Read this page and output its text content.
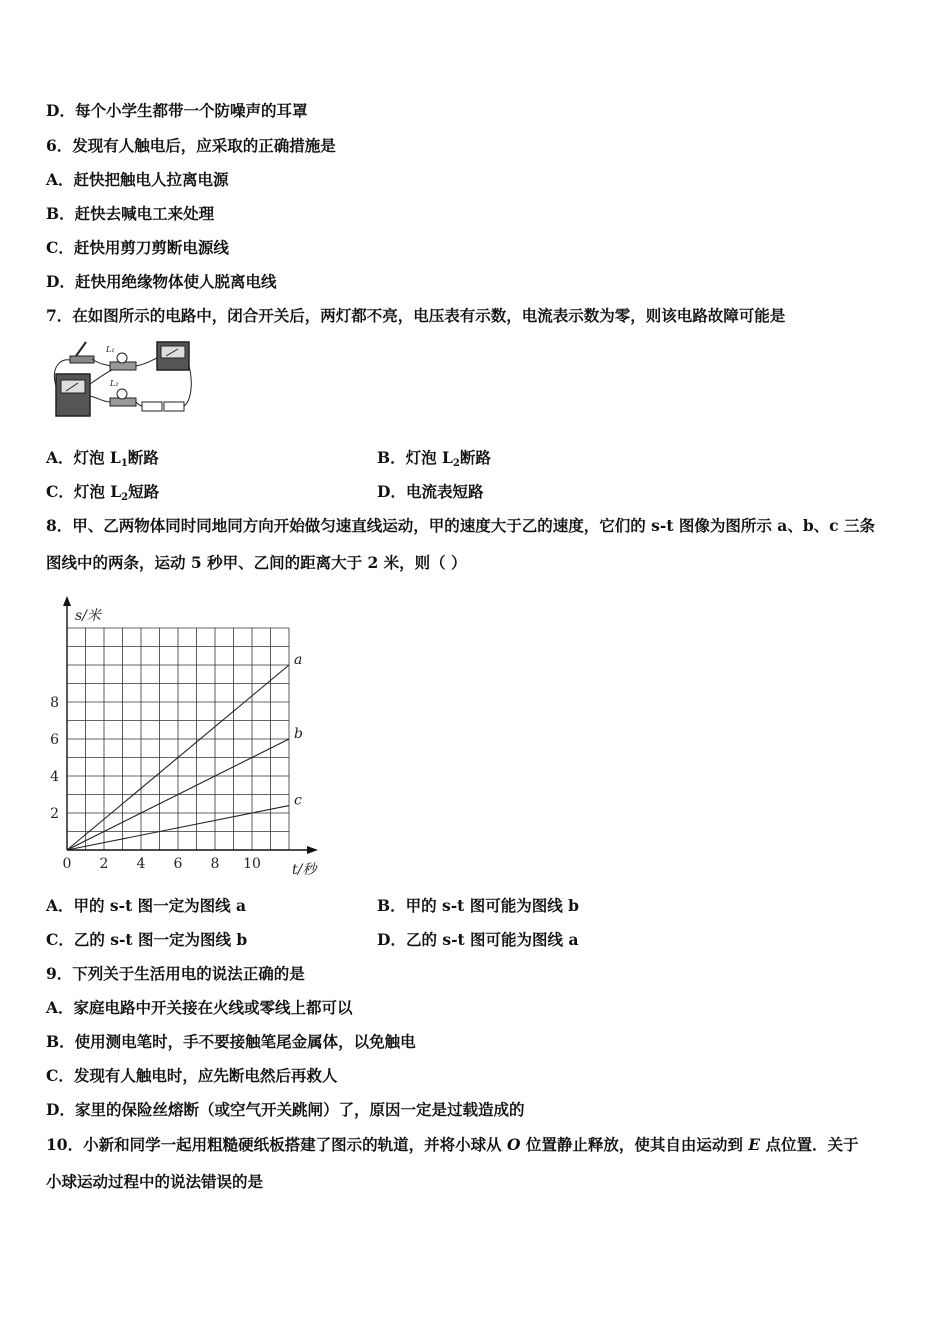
D．每个小学生都带一个防噪声的耳罩
6．发现有人触电后，应采取的正确措施是
A．赶快把触电人拉离电源
B．赶快去喊电工来处理
C．赶快用剪刀剪断电源线
D．赶快用绝缘物体使人脱离电线
7．在如图所示的电路中，闭合开关后，两灯都不亮，电压表有示数，电流表示数为零，则该电路故障可能是
L₁
L₂
A．灯泡 $L_1$断路	B．灯泡 $L_2$断路
C．灯泡 $L_2$短路	D．电流表短路
8．甲、乙两物体同时同地同方向开始做匀速直线运动，甲的速度大于乙的速度，它们的 s-t 图像为图所示 a、b、c 三条
图线中的两条，运动 5 秒甲、乙间的距离大于 2 米，则（ ）
0 2 4 6 8 10
2
4
6
8
a
b
c
s/米
t/秒
A．甲的 s-t 图一定为图线 a	B．甲的 s-t 图可能为图线 b
C．乙的 s-t 图一定为图线 b	D．乙的 s-t 图可能为图线 a
9．下列关于生活用电的说法正确的是
A．家庭电路中开关接在火线或零线上都可以
B．使用测电笔时，手不要接触笔尾金属体，以免触电
C．发现有人触电时，应先断电然后再救人
D．家里的保险丝熔断（或空气开关跳闸）了，原因一定是过载造成的
10．小新和同学一起用粗糙硬纸板搭建了图示的轨道，并将小球从 O 位置静止释放，使其自由运动到 E 点位置．关于
小球运动过程中的说法错误的是
